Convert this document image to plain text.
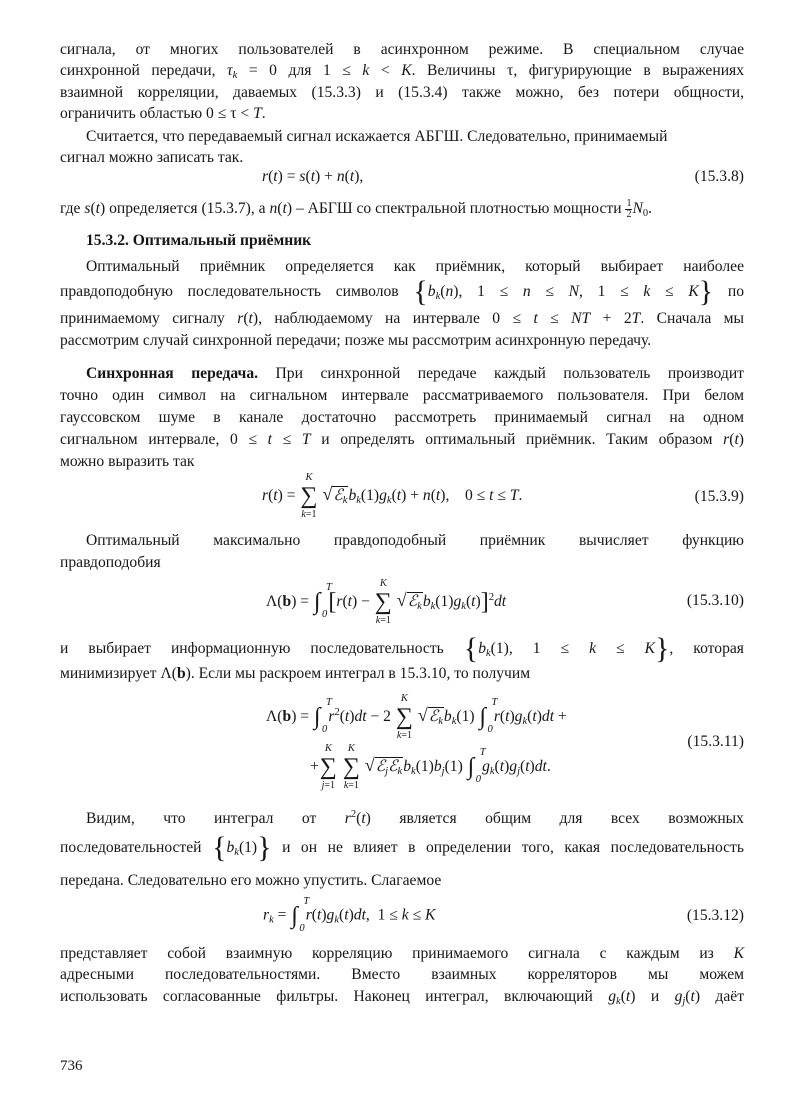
сигнала, от многих пользователей в асинхронном режиме. В специальном случае
синхронной передачи, $\tau_k = 0$ для 1 ≤ k < K. Величины τ, фигурирующие в выражениях
взаимной корреляции, даваемых (15.3.3) и (15.3.4) также можно, без потери общности,
ограничить областью 0 ≤ τ < T.
Считается, что передаваемый сигнал искажается АБГШ. Следовательно, принимаемый
сигнал можно записать так.
r(t) = s(t) + n(t),	(15.3.8)
где s(t) определяется (15.3.7), а n(t) – АБГШ со спектральной плотностью мощности $\frac{1}{2} N_0$.
15.3.2. Оптимальный приёмник
Оптимальный приёмник определяется как приёмник, который выбирает наиболее
правдоподобную последовательность символов {$b_k(n)$, 1 ≤ n ≤ N, 1 ≤ k ≤ K} по
принимаемому сигналу r(t), наблюдаемому на интервале 0 ≤ t ≤ NT + 2T. Сначала мы
рассмотрим случай синхронной передачи; позже мы рассмотрим асинхронную передачу.
Синхронная передача. При синхронной передаче каждый пользователь производит
точно один символ на сигнальном интервале рассматриваемого пользователя. При белом
гауссовском шуме в канале достаточно рассмотреть принимаемый сигнал на одном
сигнальном интервале, 0 ≤ t ≤ T и определять оптимальный приёмник. Таким образом r(t)
можно выразить так
r(t) = ∑
K
k=1
$√ℰ_kb_k(1)g_k(t) + n(t)$,    0 ≤ t ≤ T.	(15.3.9)
Оптимальный максимально правдоподобный приёмник вычисляет функцию
правдоподобия
Λ(b) = ∫
T
0 [r(t) − ∑
K
k=1
$√ℰ_kb_k(1)g_k(t)]^2dt$	(15.3.10)
и выбирает информационную последовательность {$b_k(1)$, 1 ≤ k ≤ K}, которая
минимизирует Λ(b). Если мы раскроем интеграл в 15.3.10, то получим
Λ(b) = ∫
T
0
$r^2(t)dt - 2$ ∑
K
k=1
$√ℰ_kb_k(1)$ ∫
T
0
$r(t)g_k(t)dt$ +
+∑
K
j=1
∑
K
k=1
$√ℰ_jℰ_kb_k(1)b_j(1)$ ∫
T
0
$g_k(t)g_j(t)dt$.
(15.3.11)
Видим, что интеграл от $r^2(t)$ является общим для всех возможных
последовательностей $\{b_k(1)\}$ и он не влияет в определении того, какая последовательность
передана. Следовательно его можно упустить. Слагаемое
$r_k$ = ∫
T
0
$r(t)g_k(t)dt$,  1 ≤ k ≤ K	(15.3.12)
представляет собой взаимную корреляцию принимаемого сигнала с каждым из K
адресными последовательностями. Вместо взаимных корреляторов мы можем
использовать согласованные фильтры. Наконец интеграл, включающий $g_k(t)$ и $g_j(t)$ даёт
736
